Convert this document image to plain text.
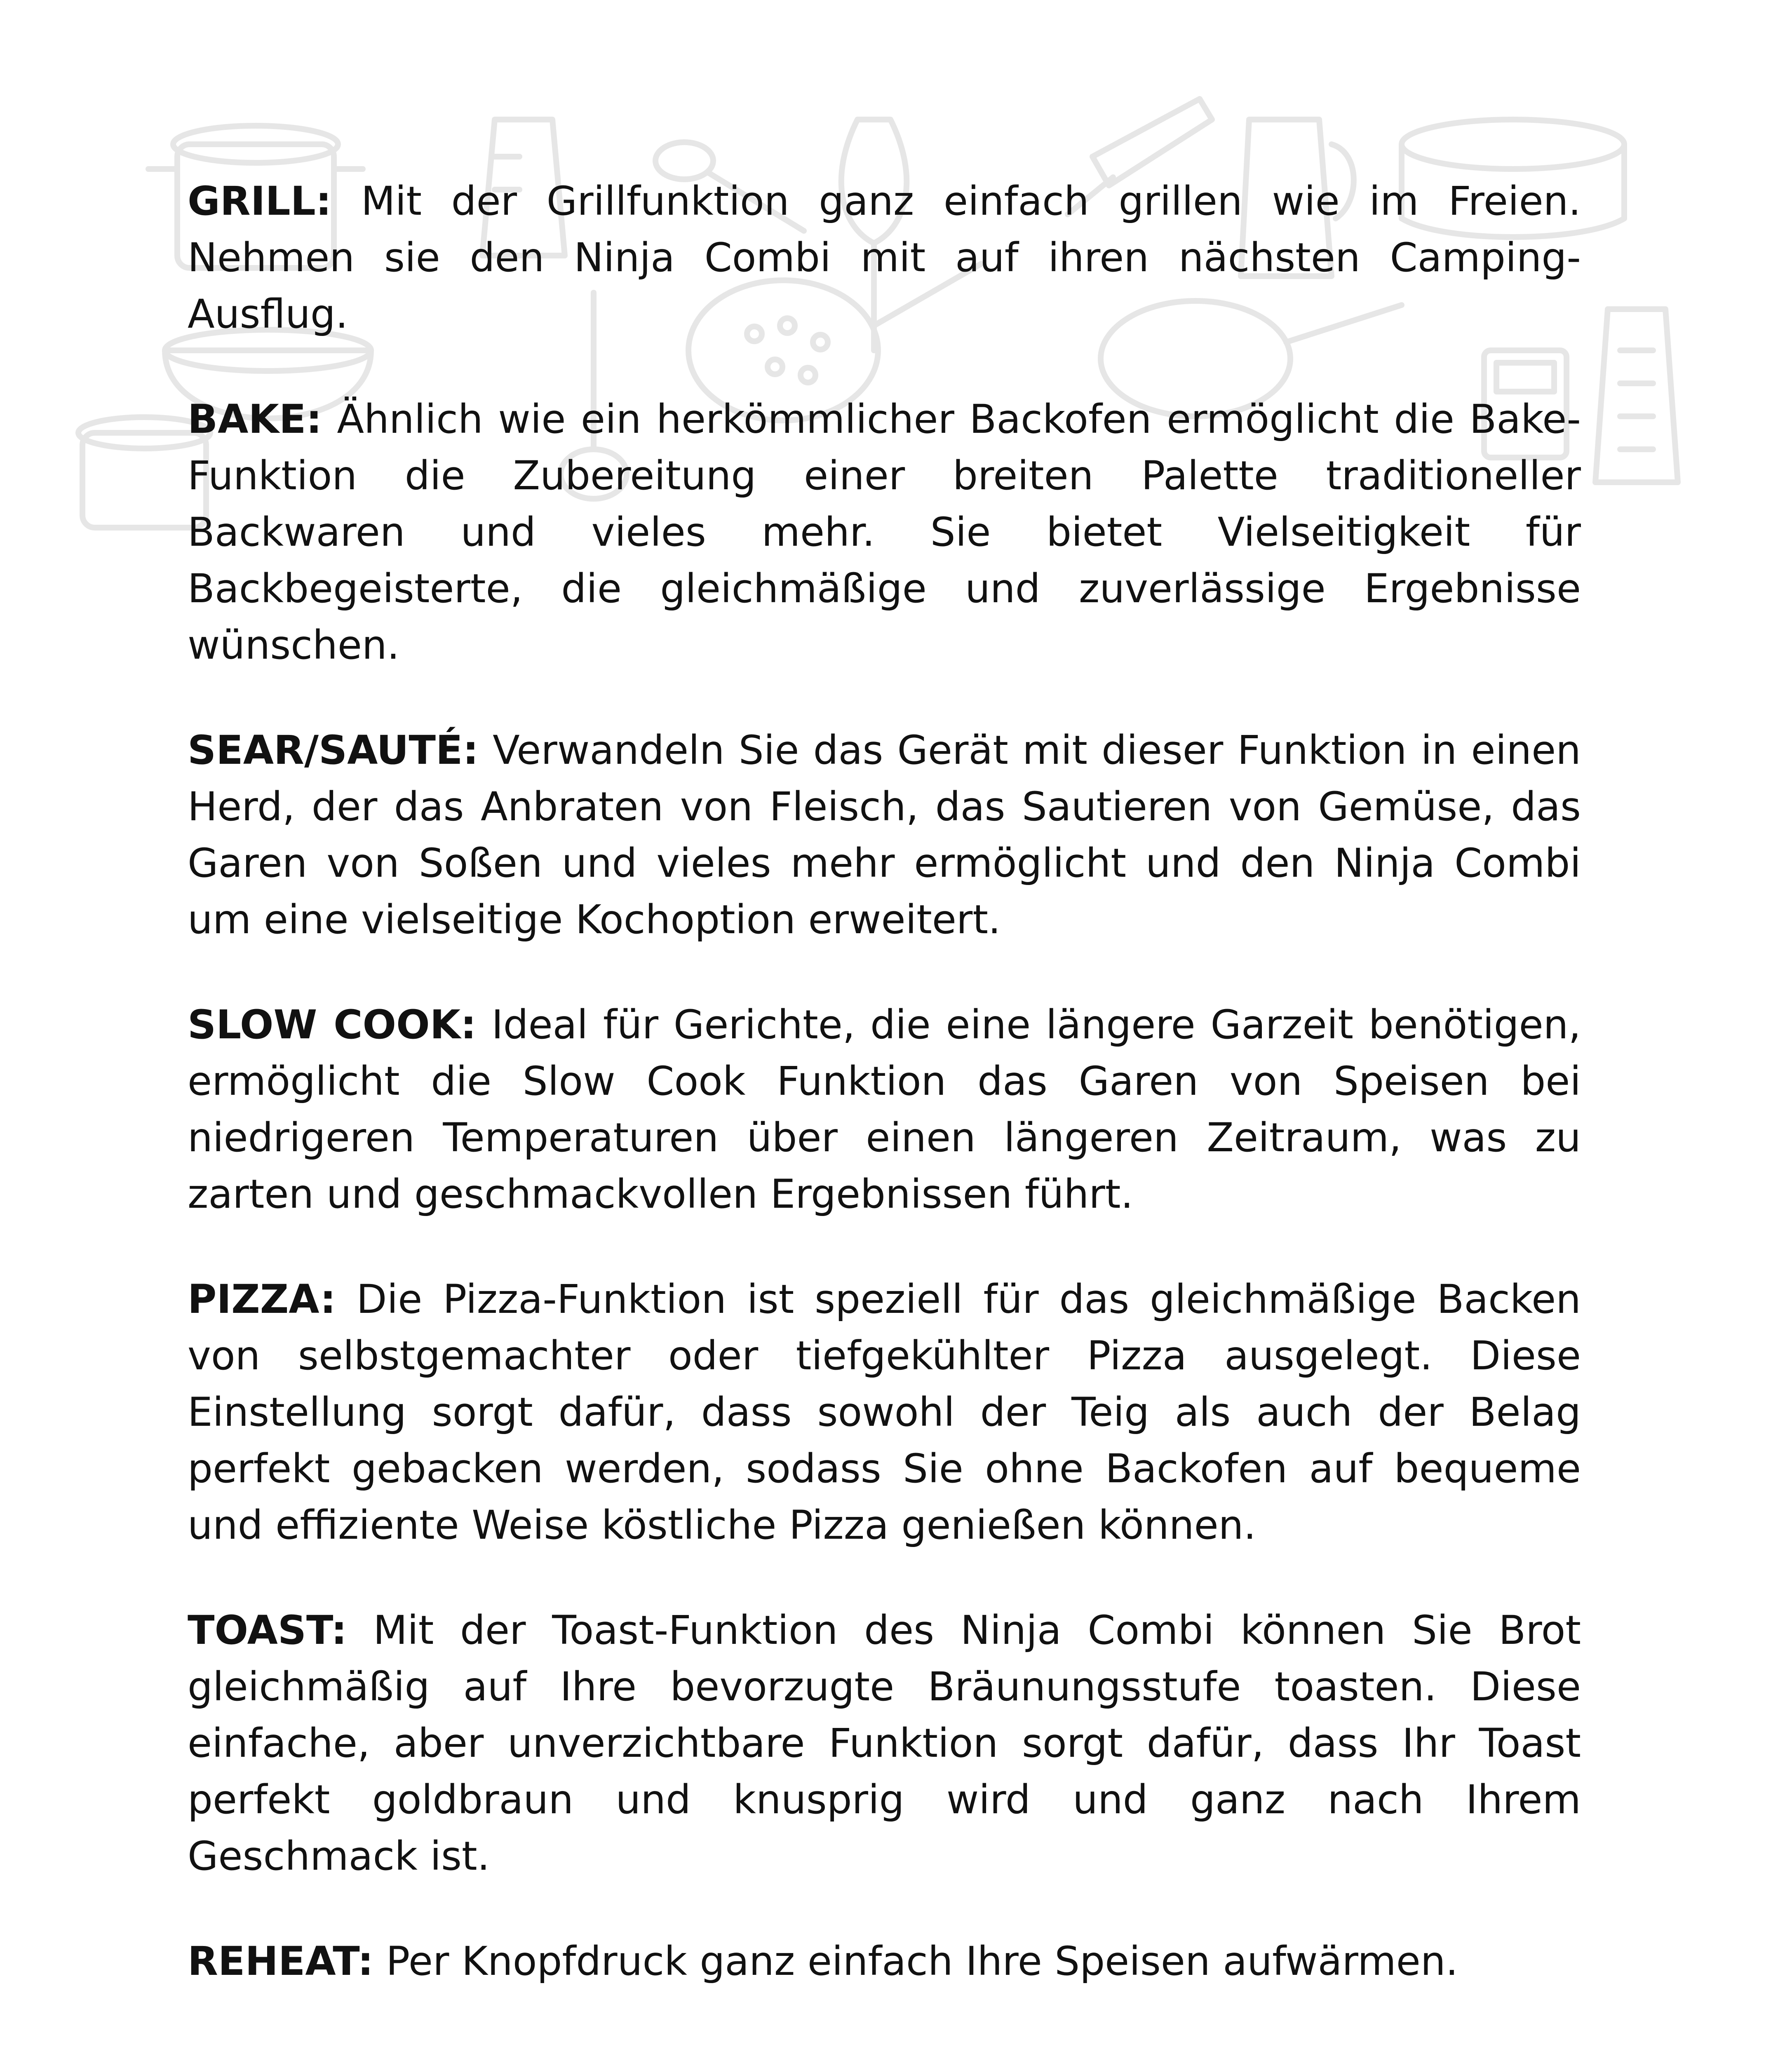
GRILL: Mit der Grillfunktion ganz einfach grillen wie im Freien. Nehmen sie den Ninja Combi mit auf ihren nächsten Camping-Ausflug.

BAKE: Ähnlich wie ein herkömmlicher Backofen ermöglicht die Bake-Funktion die Zubereitung einer breiten Palette traditioneller Backwaren und vieles mehr. Sie bietet Vielseitigkeit für Backbegeisterte, die gleichmäßige und zuverlässige Ergebnisse wünschen.

SEAR/SAUTÉ: Verwandeln Sie das Gerät mit dieser Funktion in einen Herd, der das Anbraten von Fleisch, das Sautieren von Gemüse, das Garen von Soßen und vieles mehr ermöglicht und den Ninja Combi um eine vielseitige Kochoption erweitert.

SLOW COOK: Ideal für Gerichte, die eine längere Garzeit benötigen, ermöglicht die Slow Cook Funktion das Garen von Speisen bei niedrigeren Temperaturen über einen längeren Zeitraum, was zu zarten und geschmackvollen Ergebnissen führt.

PIZZA: Die Pizza-Funktion ist speziell für das gleichmäßige Backen von selbstgemachter oder tiefgekühlter Pizza ausgelegt. Diese Einstellung sorgt dafür, dass sowohl der Teig als auch der Belag perfekt gebacken werden, sodass Sie ohne Backofen auf bequeme und effiziente Weise köstliche Pizza genießen können.

TOAST: Mit der Toast-Funktion des Ninja Combi können Sie Brot gleichmäßig auf Ihre bevorzugte Bräunungsstufe toasten. Diese einfache, aber unverzichtbare Funktion sorgt dafür, dass Ihr Toast perfekt goldbraun und knusprig wird und ganz nach Ihrem Geschmack ist.

REHEAT: Per Knopfdruck ganz einfach Ihre Speisen aufwärmen.
